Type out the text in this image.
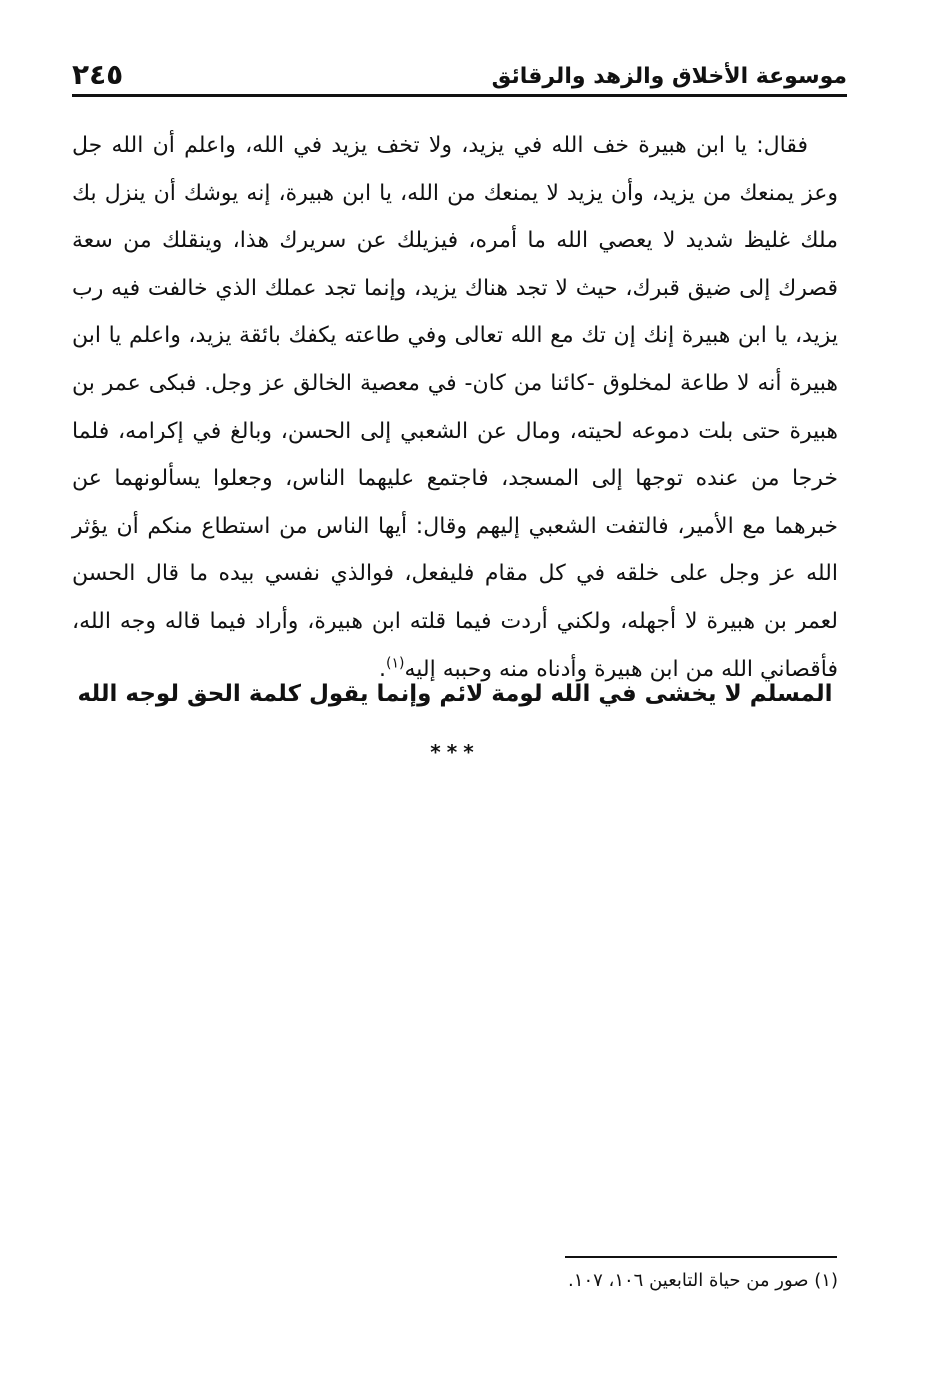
٢٤٥	موسوعة الأخلاق والزهد والرقائق

فقال: يا ابن هبيرة خف الله في يزيد، ولا تخف يزيد في الله، واعلم أن الله جل وعز يمنعك من يزيد، وأن يزيد لا يمنعك من الله، يا ابن هبيرة، إنه يوشك أن ينزل بك ملك غليظ شديد لا يعصي الله ما أمره، فيزيلك عن سريرك هذا، وينقلك من سعة قصرك إلى ضيق قبرك، حيث لا تجد هناك يزيد، وإنما تجد عملك الذي خالفت فيه رب يزيد، يا ابن هبيرة إنك إن تك مع الله تعالى وفي طاعته يكفك بائقة يزيد، واعلم يا ابن هبيرة أنه لا طاعة لمخلوق -كائنا من كان- في معصية الخالق عز وجل. فبكى عمر بن هبيرة حتى بلت دموعه لحيته، ومال عن الشعبي إلى الحسن، وبالغ في إكرامه، فلما خرجا من عنده توجها إلى المسجد، فاجتمع عليهما الناس، وجعلوا يسألونهما عن خبرهما مع الأمير، فالتفت الشعبي إليهم وقال: أيها الناس من استطاع منكم أن يؤثر الله عز وجل على خلقه في كل مقام فليفعل، فوالذي نفسي بيده ما قال الحسن لعمر بن هبيرة لا أجهله، ولكني أردت فيما قلته ابن هبيرة، وأراد فيما قاله وجه الله، فأقصاني الله من ابن هبيرة وأدناه منه وحببه إليه$^{(١)}$.

المسلم لا يخشى في الله لومة لائم وإنما يقول كلمة الحق لوجه الله
***
(١) صور من حياة التابعين ١٠٦، ١٠٧.
